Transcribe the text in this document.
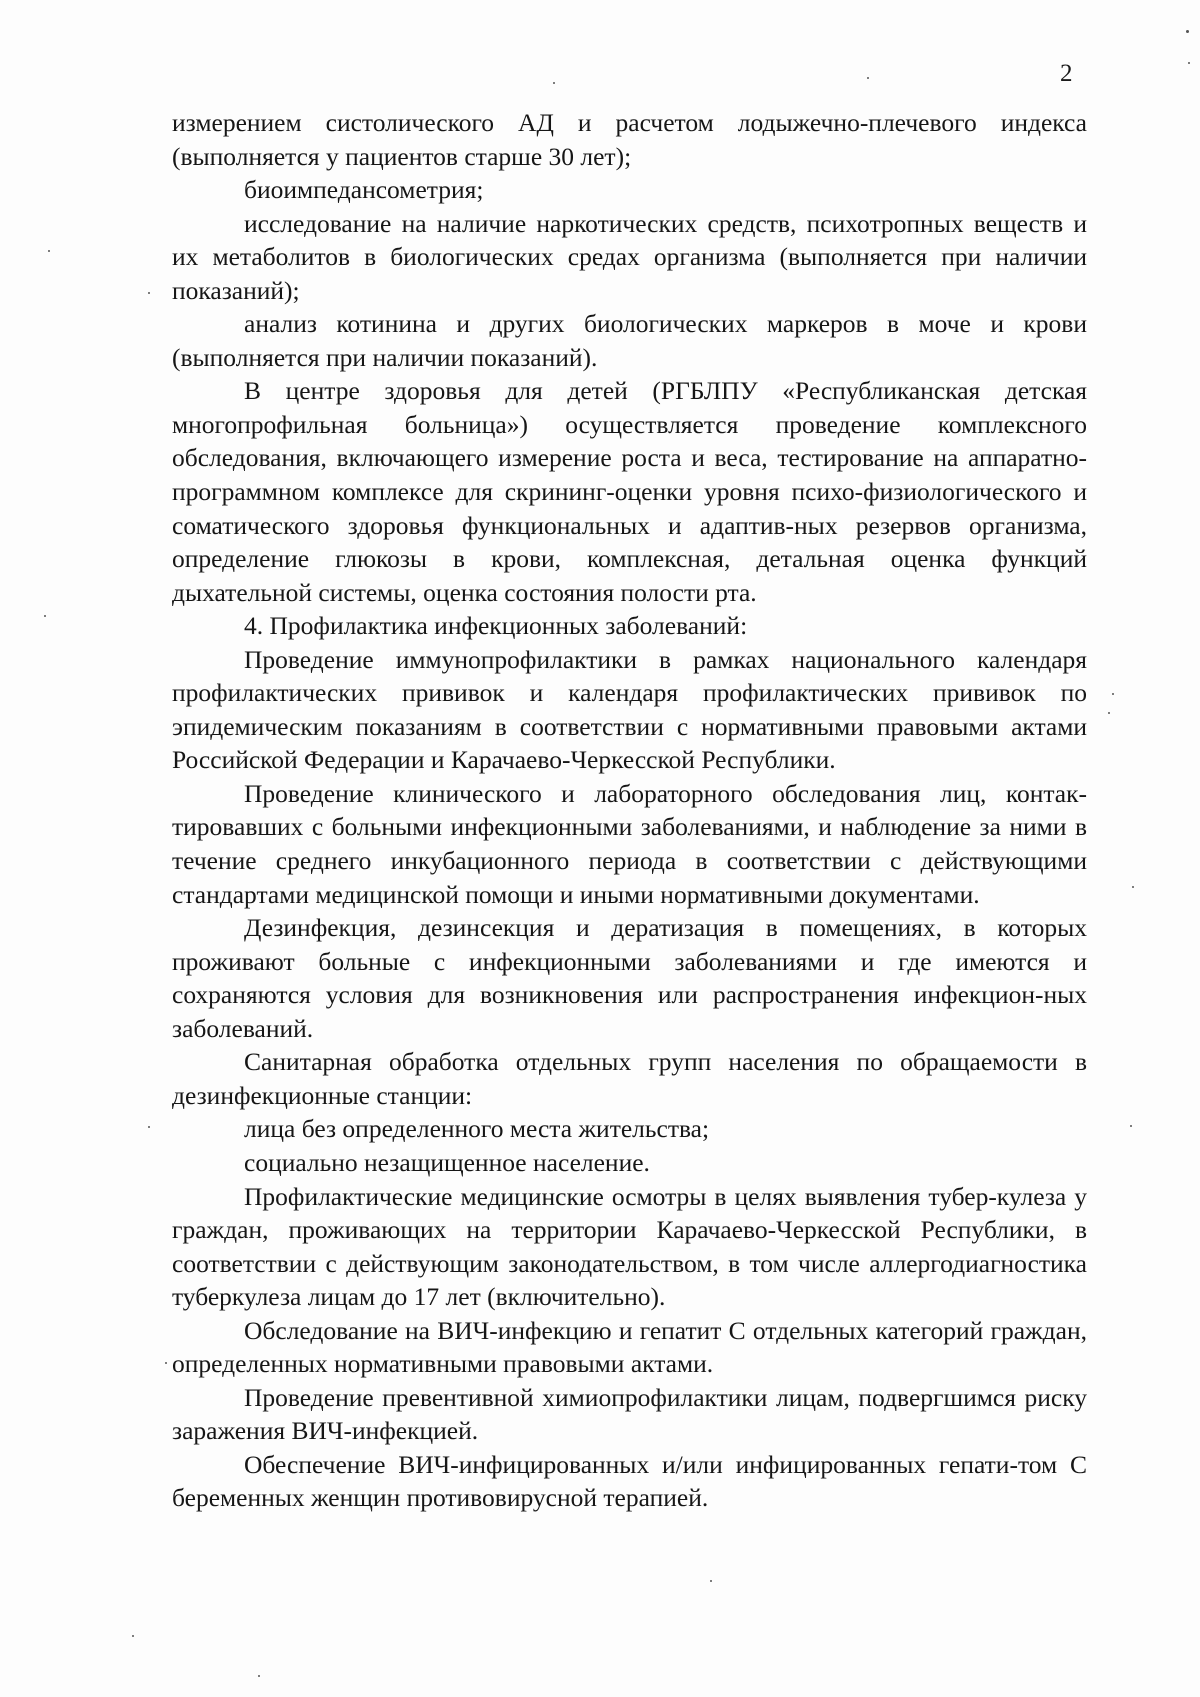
2

измерением систолического АД и расчетом лодыжечно-плечевого индекса (выполняется у пациентов старше 30 лет);

биоимпедансометрия;

исследование на наличие наркотических средств, психотропных веществ и их метаболитов в биологических средах организма (выполняется при наличии показаний);

анализ котинина и других биологических маркеров в моче и крови (выполняется при наличии показаний).

В центре здоровья для детей (РГБЛПУ «Республиканская детская многопрофильная больница») осуществляется проведение комплексного обследования, включающего измерение роста и веса, тестирование на аппаратно-программном комплексе для скрининг-оценки уровня психо-физиологического и соматического здоровья функциональных и адаптив-ных резервов организма, определение глюкозы в крови, комплексная, детальная оценка функций дыхательной системы, оценка состояния полости рта.

4. Профилактика инфекционных заболеваний:

Проведение иммунопрофилактики в рамках национального календаря профилактических прививок и календаря профилактических прививок по эпидемическим показаниям в соответствии с нормативными правовыми актами Российской Федерации и Карачаево-Черкесской Республики.

Проведение клинического и лабораторного обследования лиц, контак-тировавших с больными инфекционными заболеваниями, и наблюдение за ними в течение среднего инкубационного периода в соответствии с действующими стандартами медицинской помощи и иными нормативными документами.

Дезинфекция, дезинсекция и дератизация в помещениях, в которых проживают больные с инфекционными заболеваниями и где имеются и сохраняются условия для возникновения или распространения инфекцион-ных заболеваний.

Санитарная обработка отдельных групп населения по обращаемости в дезинфекционные станции:

лица без определенного места жительства;

социально незащищенное население.

Профилактические медицинские осмотры в целях выявления тубер-кулеза у граждан, проживающих на территории Карачаево-Черкесской Республики, в соответствии с действующим законодательством, в том числе аллергодиагностика туберкулеза лицам до 17 лет (включительно).

Обследование на ВИЧ-инфекцию и гепатит С отдельных категорий граждан, определенных нормативными правовыми актами.

Проведение превентивной химиопрофилактики лицам, подвергшимся риску заражения ВИЧ-инфекцией.

Обеспечение ВИЧ-инфицированных и/или инфицированных гепати-том С беременных женщин противовирусной терапией.
